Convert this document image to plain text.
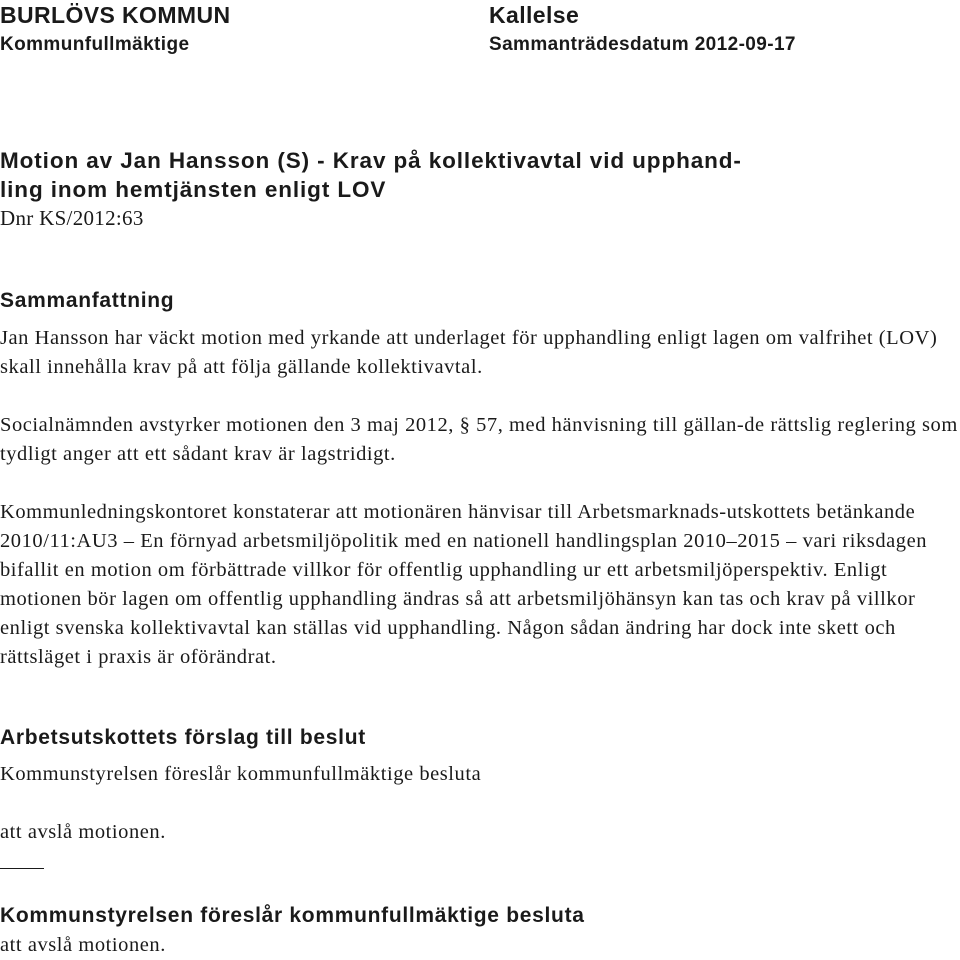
BURLÖVS KOMMUN
Kommunfullmäktige
Kallelse
Sammanträdesdatum 2012-09-17
Motion av Jan Hansson (S) - Krav på kollektivavtal vid upphand-
ling inom hemtjänsten enligt LOV
Dnr KS/2012:63
Sammanfattning
Jan Hansson har väckt motion med yrkande att underlaget för upphandling enligt lagen om valfrihet (LOV) skall innehålla krav på att följa gällande kollektivavtal.
Socialnämnden avstyrker motionen den 3 maj 2012, § 57, med hänvisning till gällan-de rättslig reglering som tydligt anger att ett sådant krav är lagstridigt.
Kommunledningskontoret konstaterar att motionären hänvisar till Arbetsmarknads-utskottets betänkande 2010/11:AU3 – En förnyad arbetsmiljöpolitik med en nationell handlingsplan 2010–2015 – vari riksdagen bifallit en motion om förbättrade villkor för offentlig upphandling ur ett arbetsmiljöperspektiv. Enligt motionen bör lagen om offentlig upphandling ändras så att arbetsmiljöhänsyn kan tas och krav på villkor enligt svenska kollektivavtal kan ställas vid upphandling. Någon sådan ändring har dock inte skett och rättsläget i praxis är oförändrat.
Arbetsutskottets förslag till beslut
Kommunstyrelsen föreslår kommunfullmäktige besluta
att avslå motionen.
Kommunstyrelsen föreslår kommunfullmäktige besluta
att avslå motionen.
